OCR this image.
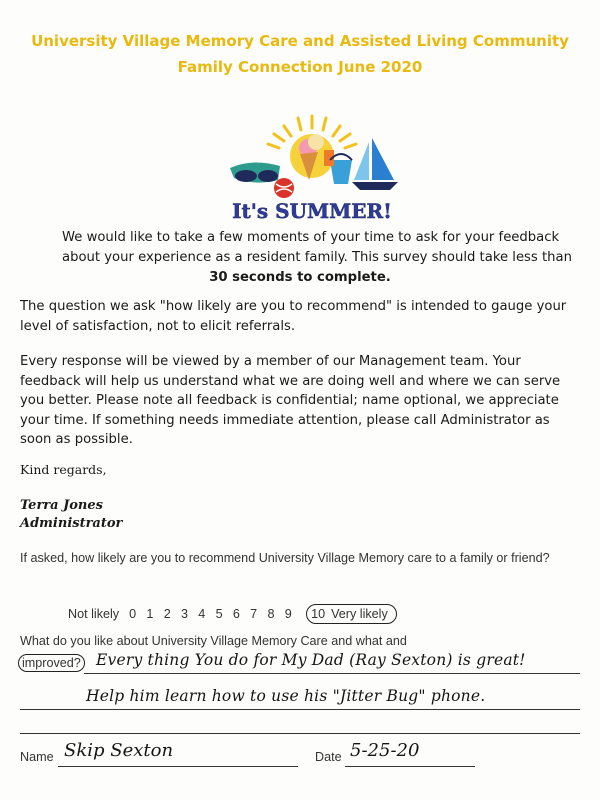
University Village Memory Care and Assisted Living Community
Family Connection June 2020
It's SUMMER!
We would like to take a few moments of your time to ask for your feedback
about your experience as a resident family. This survey should take less than
30 seconds to complete.

The question we ask "how likely are you to recommend" is intended to gauge your level of satisfaction, not to elicit referrals.

Every response will be viewed by a member of our Management team. Your feedback will help us understand what we are doing well and where we can serve you better. Please note all feedback is confidential; name optional, we appreciate your time. If something needs immediate attention, please call Administrator as soon as possible.

Kind regards,
Terra Jones
Administrator

If asked, how likely are you to recommend University Village Memory care to a family or friend?

Not likely 0 1 2 3 4 5 6 7 8 9	10 Very likely
What do you like about University Village Memory Care and what and
improved? Every thing You do for My Dad (Ray Sexton) is great!
Help him learn how to use his "Jitter Bug" phone.
Name Skip Sexton	Date 5-25-20
